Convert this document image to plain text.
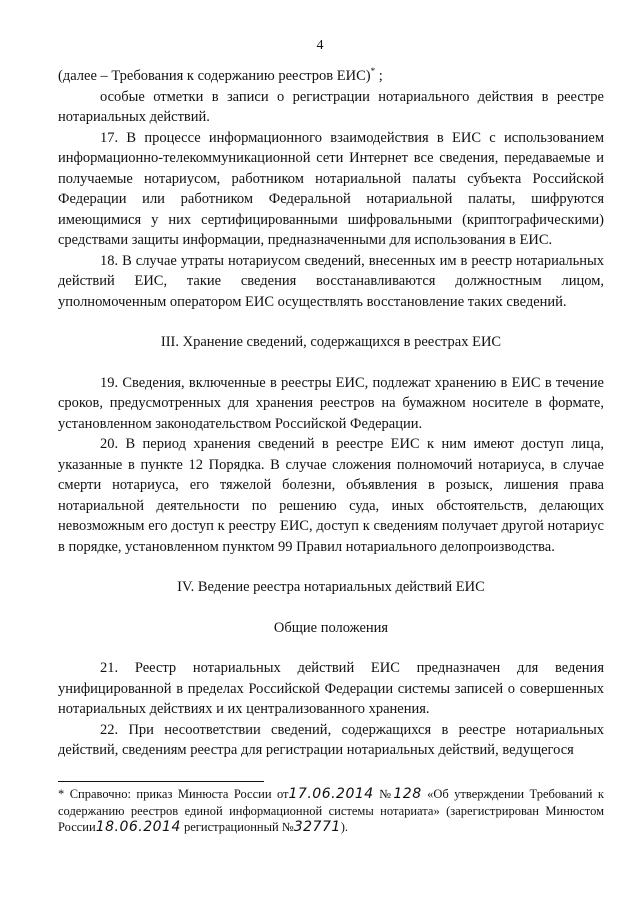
4

(далее – Требования к содержанию реестров ЕИС)* ;

особые отметки в записи о регистрации нотариального действия в реестре нотариальных действий.

17. В процессе информационного взаимодействия в ЕИС с использованием информационно-телекоммуникационной сети Интернет все сведения, передаваемые и получаемые нотариусом, работником нотариальной палаты субъекта Российской Федерации или работником Федеральной нотариальной палаты, шифруются имеющимися у них сертифицированными шифровальными (криптографическими) средствами защиты информации, предназначенными для использования в ЕИС.

18. В случае утраты нотариусом сведений, внесенных им в реестр нотариальных действий ЕИС, такие сведения восстанавливаются должностным лицом, уполномоченным оператором ЕИС осуществлять восстановление таких сведений.

III. Хранение сведений, содержащихся в реестрах ЕИС

19. Сведения, включенные в реестры ЕИС, подлежат хранению в ЕИС в течение сроков, предусмотренных для хранения реестров на бумажном носителе в формате, установленном законодательством Российской Федерации.

20. В период хранения сведений в реестре ЕИС к ним имеют доступ лица, указанные в пункте 12 Порядка. В случае сложения полномочий нотариуса, в случае смерти нотариуса, его тяжелой болезни, объявления в розыск, лишения права нотариальной деятельности по решению суда, иных обстоятельств, делающих невозможным его доступ к реестру ЕИС, доступ к сведениям получает другой нотариус в порядке, установленном пунктом 99 Правил нотариального делопроизводства.

IV. Ведение реестра нотариальных действий ЕИС
Общие положения

21. Реестр нотариальных действий ЕИС предназначен для ведения унифицированной в пределах Российской Федерации системы записей о совершенных нотариальных действиях и их централизованного хранения.

22. При несоответствии сведений, содержащихся в реестре нотариальных действий, сведениям реестра для регистрации нотариальных действий, ведущегося

* Справочно: приказ Минюста России от17.06.2014 №128 «Об утверждении Требований к содержанию реестров единой информационной системы нотариата» (зарегистрирован Минюстом России18.06.2014 регистрационный №32771).
